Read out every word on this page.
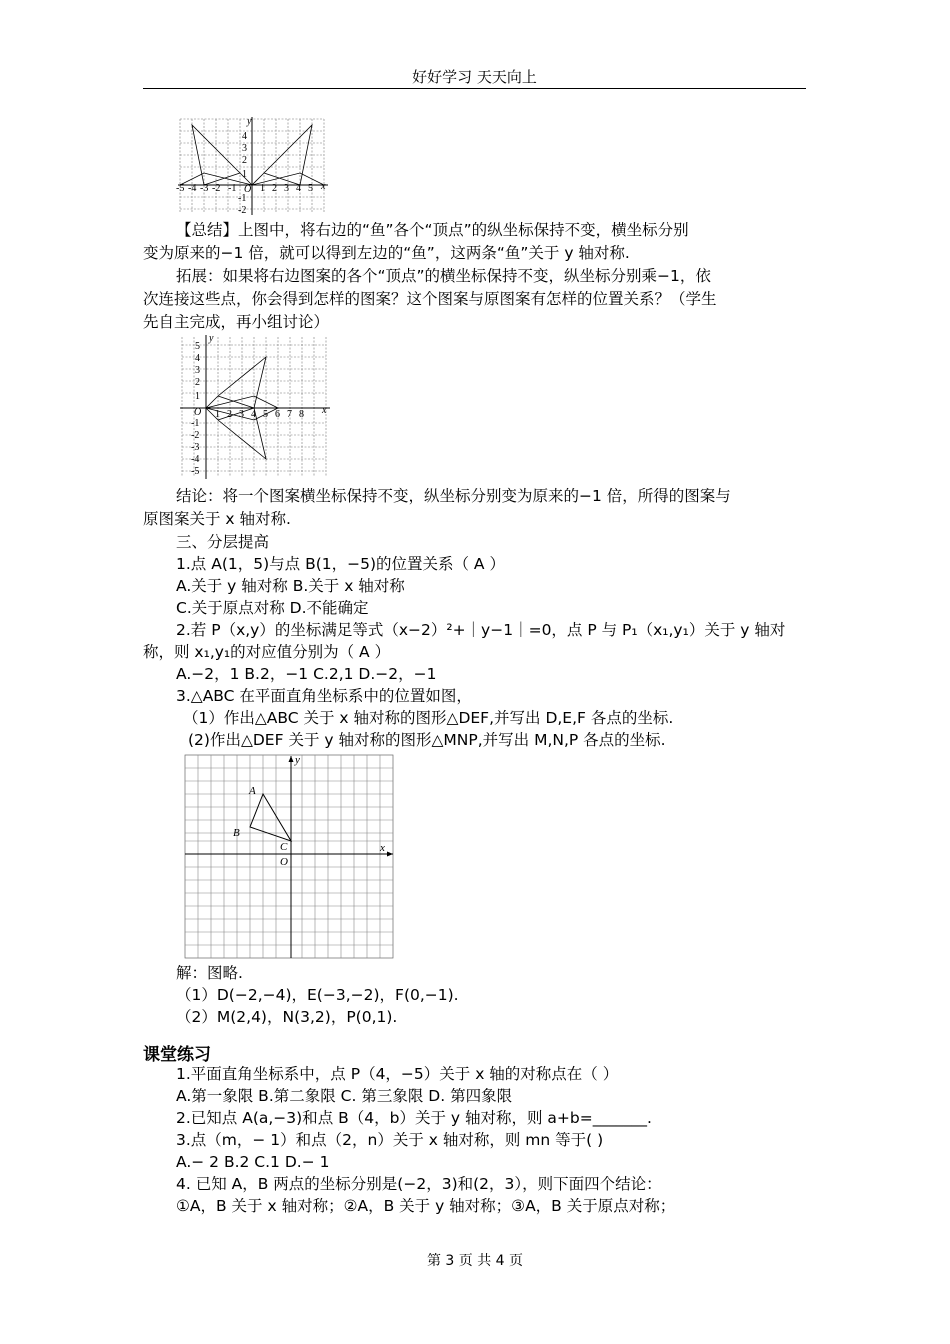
好好学习 天天向上
y
x
O
-5 -4 -3 -2 -1 1 2 3 4 5
4
3
2
1
-1
-2
【总结】上图中，将右边的“鱼”各个“顶点”的纵坐标保持不变，横坐标分别
变为原来的−1 倍，就可以得到左边的“鱼”，这两条“鱼”关于 y 轴对称.
拓展：如果将右边图案的各个“顶点”的横坐标保持不变，纵坐标分别乘−1，依
次连接这些点，你会得到怎样的图案？这个图案与原图案有怎样的位置关系？（学生
先自主完成，再小组讨论）
y
x
O 1 2 3 4 5 6 7 8
5
4
3
2
1
-1
-2
-3
-4
-5
结论：将一个图案横坐标保持不变，纵坐标分别变为原来的−1 倍，所得的图案与
原图案关于 x 轴对称.
三、分层提高
1.点 A(1，5)与点 B(1，−5)的位置关系（ A ）
A.关于 y 轴对称 B.关于 x 轴对称
C.关于原点对称 D.不能确定
2.若 P（x,y）的坐标满足等式（x−2）²+｜y−1｜=0，点 P 与 P₁（x₁,y₁）关于 y 轴对
称，则 x₁,y₁的对应值分别为（ A ）
A.−2，1 B.2，−1 C.2,1 D.−2，−1
3.△ABC 在平面直角坐标系中的位置如图，
（1）作出△ABC 关于 x 轴对称的图形△DEF,并写出 D,E,F 各点的坐标.
(2)作出△DEF 关于 y 轴对称的图形△MNP,并写出 M,N,P 各点的坐标.
A
B
C
O
x
y
解：图略.
（1）D(−2,−4)，E(−3,−2)，F(0,−1).
（2）M(2,4)，N(3,2)，P(0,1).
课堂练习
1.平面直角坐标系中，点 P（4，−5）关于 x 轴的对称点在（ ）
A.第一象限 B.第二象限 C. 第三象限 D. 第四象限
2.已知点 A(a,−3)和点 B（4，b）关于 y 轴对称，则 a+b=_______.
3.点（m，− 1）和点（2，n）关于 x 轴对称，则 mn 等于( )
A.− 2 B.2 C.1 D.− 1
4. 已知 A，B 两点的坐标分别是(−2，3)和(2，3），则下面四个结论：
①A，B 关于 x 轴对称；②A，B 关于 y 轴对称；③A，B 关于原点对称；
第 3 页 共 4 页
